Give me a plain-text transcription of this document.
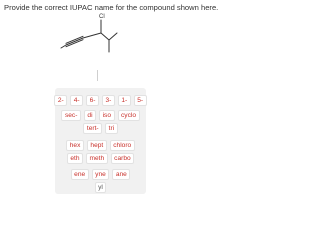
Provide the correct IUPAC name for the compound shown here.
Cl
2-	4-	6-	3-	1-	5-
sec-	di	iso	cyclo
tert-	tri
hex	hept	chloro
eth	meth	carbo
ene	yne	ane
yl
